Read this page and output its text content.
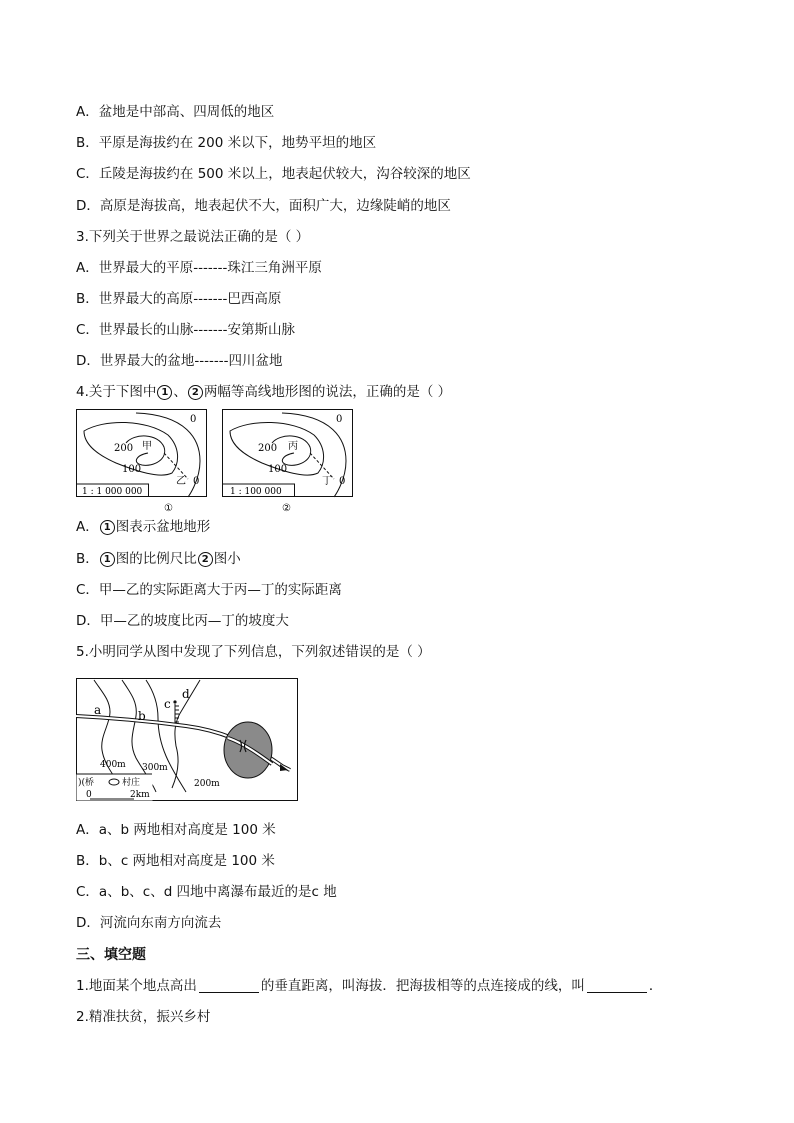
A．盆地是中部高、四周低的地区
B．平原是海拔约在 200 米以下，地势平坦的地区
C．丘陵是海拔约在 500 米以上，地表起伏较大，沟谷较深的地区
D．高原是海拔高，地表起伏不大，面积广大，边缘陡峭的地区
3.下列关于世界之最说法正确的是（ ）
A．世界最大的平原-------珠江三角洲平原
B．世界最大的高原-------巴西高原
C．世界最长的山脉-------安第斯山脉
D．世界最大的盆地-------四川盆地
4.关于下图中 1 、 2 两幅等高线地形图的说法，正确的是（ ）
0
200
100
甲
乙 0
1 : 1 000 000
①
0
200
100
丙
丁 0
1 : 100 000
②
A． 1 图表示盆地地形
B． 1 图的比例尺比 2 图小
C．甲—乙的实际距离大于丙—丁的实际距离
D．甲—乙的坡度比丙—丁的坡度大
5.小明同学从图中发现了下列信息，下列叙述错误的是（ ）
a	b
c
d
400m 300m
200m
)(桥	村庄
0	2km
A．a、b 两地相对高度是 100 米
B．b、c 两地相对高度是 100 米
C．a、b、c、d 四地中离瀑布最近的是c 地
D．河流向东南方向流去
三、填空题
1.地面某个地点高出	的垂直距离，叫海拔．把海拔相等的点连接成的线，叫	．
2.精准扶贫，振兴乡村
